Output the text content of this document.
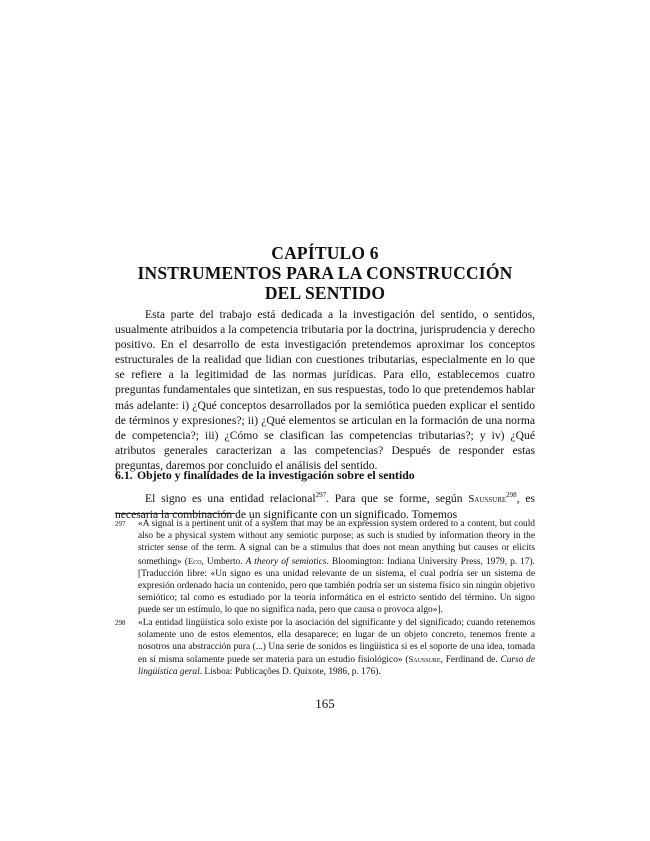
CAPÍTULO 6
INSTRUMENTOS PARA LA CONSTRUCCIÓN
DEL SENTIDO

Esta parte del trabajo está dedicada a la investigación del sentido, o sentidos, usualmente atribuidos a la competencia tributaria por la doctrina, jurisprudencia y derecho positivo. En el desarrollo de esta investigación pretendemos aproximar los conceptos estructurales de la realidad que lidian con cuestiones tributarias, especialmente en lo que se refiere a la legitimidad de las normas jurídicas. Para ello, establecemos cuatro preguntas fundamentales que sintetizan, en sus respuestas, todo lo que pretendemos hablar más adelante: i) ¿Qué conceptos desarrollados por la semiótica pueden explicar el sentido de términos y expresiones?; ii) ¿Qué elementos se articulan en la formación de una norma de competencia?; iii) ¿Cómo se clasifican las competencias tributarias?; y iv) ¿Qué atributos generales caracterizan a las competencias? Después de responder estas preguntas, daremos por concluido el análisis del sentido.

6.1. Objeto y finalidades de la investigación sobre el sentido

El signo es una entidad relacional$^{297}$. Para que se forme, según Saussure$^{298}$, es necesaria la combinación de un significante con un significado. Tomemos

297 «A signal is a pertinent unit of a system that may be an expression system ordered to a content, but could also be a physical system without any semiotic purpose; as such is studied by information theory in the stricter sense of the term. A signal can be a stimulus that does not mean anything but causes or elicits something» (Eco, Umberto. A theory of semiotics. Bloomington: Indiana University Press, 1979, p. 17). [Traducción libre: «Un signo es una unidad relevante de un sistema, el cual podría ser un sistema de expresión ordenado hacia un contenido, pero que también podría ser un sistema físico sin ningún objetivo semiótico; tal como es estudiado por la teoría informática en el estricto sentido del término. Un signo puede ser un estímulo, lo que no significa nada, pero que causa o provoca algo»].

298 «La entidad lingüística solo existe por la asociación del significante y del significado; cuando retenemos solamente uno de estos elementos, ella desaparece; en lugar de un objeto concreto, tenemos frente a nosotros una abstracción pura (...) Una serie de sonidos es lingüística si es el soporte de una idea, tomada en sí misma solamente puede ser materia para un estudio fisiológico» (Saussure, Ferdinand de. Curso de lingüística geral. Lisboa: Publicações D. Quixote, 1986, p. 176).

165
